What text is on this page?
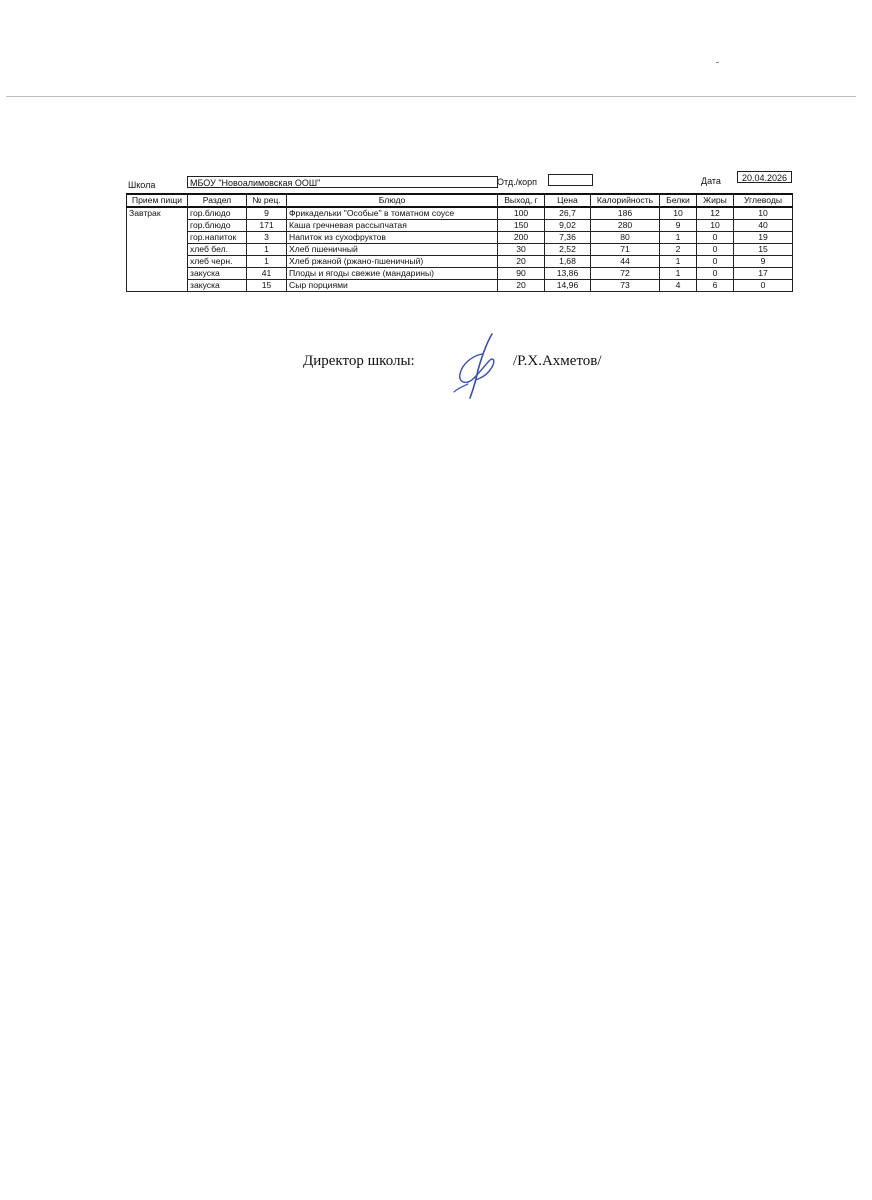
Школа	МБОУ "Новоалимовская ООШ"	Отд./корп	Дата	20.04.2026
Прием пищи	Раздел	№ рец.	Блюдо	Выход, г	Цена	Калорийность	Белки	Жиры	Углеводы
Завтрак	гор.блюдо	9	Фрикадельки "Особые" в томатном соусе	100	26,7	186	10	12	10
	гор.блюдо	171	Каша гречневая рассыпчатая	150	9,02	280	9	10	40
	гор.напиток	3	Напиток из сухофруктов	200	7,36	80	1	0	19
	хлеб бел.	1	Хлеб пшеничный	30	2,52	71	2	0	15
	хлеб черн.	1	Хлеб ржаной (ржано-пшеничный)	20	1,68	44	1	0	9
	закуска	41	Плоды и ягоды свежие (мандарины)	90	13,86	72	1	0	17
	закуска	15	Сыр порциями	20	14,96	73	4	6	0
Директор школы:	/Р.Х.Ахметов/
